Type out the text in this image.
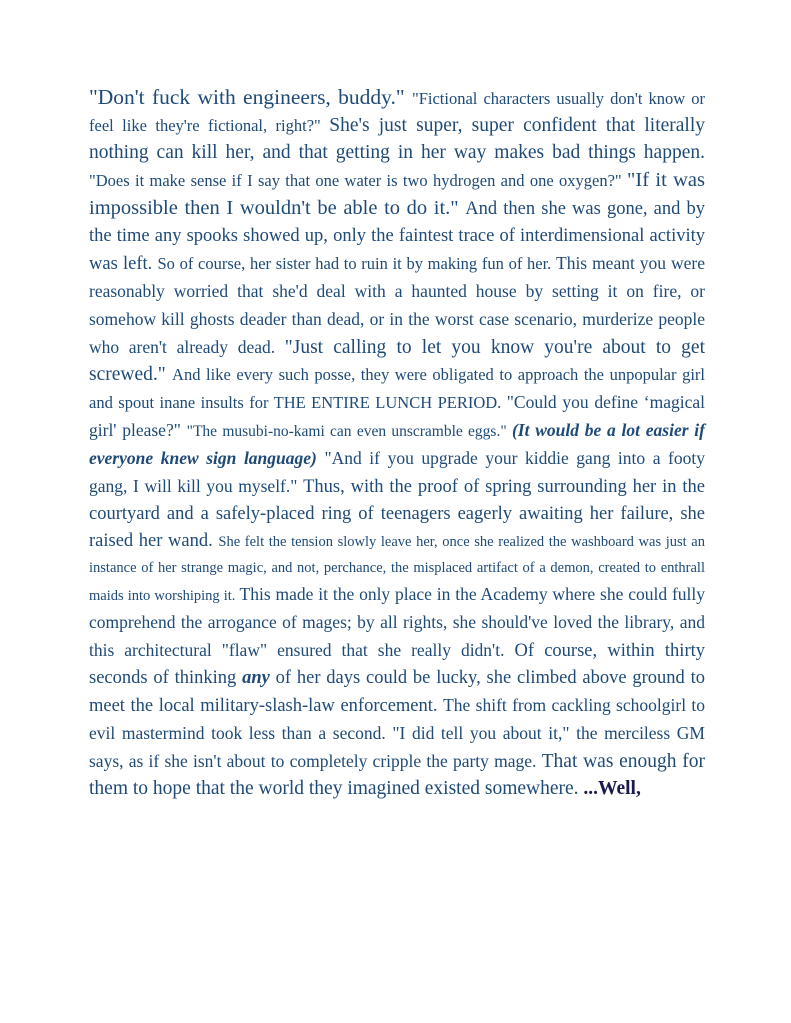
"Don't fuck with engineers, buddy." "Fictional characters usually don't know or feel like they're fictional, right?" She's just super, super confident that literally nothing can kill her, and that getting in her way makes bad things happen. "Does it make sense if I say that one water is two hydrogen and one oxygen?" "If it was impossible then I wouldn't be able to do it." And then she was gone, and by the time any spooks showed up, only the faintest trace of interdimensional activity was left. So of course, her sister had to ruin it by making fun of her. This meant you were reasonably worried that she'd deal with a haunted house by setting it on fire, or somehow kill ghosts deader than dead, or in the worst case scenario, murderize people who aren't already dead. "Just calling to let you know you're about to get screwed." And like every such posse, they were obligated to approach the unpopular girl and spout inane insults for THE ENTIRE LUNCH PERIOD. "Could you define ‘magical girl' please?" "The musubi-no-kami can even unscramble eggs." (It would be a lot easier if everyone knew sign language) "And if you upgrade your kiddie gang into a footy gang, I will kill you myself." Thus, with the proof of spring surrounding her in the courtyard and a safely-placed ring of teenagers eagerly awaiting her failure, she raised her wand. She felt the tension slowly leave her, once she realized the washboard was just an instance of her strange magic, and not, perchance, the misplaced artifact of a demon, created to enthrall maids into worshiping it. This made it the only place in the Academy where she could fully comprehend the arrogance of mages; by all rights, she should've loved the library, and this architectural "flaw" ensured that she really didn't. Of course, within thirty seconds of thinking any of her days could be lucky, she climbed above ground to meet the local military-slash-law enforcement. The shift from cackling schoolgirl to evil mastermind took less than a second. "I did tell you about it," the merciless GM says, as if she isn't about to completely cripple the party mage. That was enough for them to hope that the world they imagined existed somewhere. ...Well,
